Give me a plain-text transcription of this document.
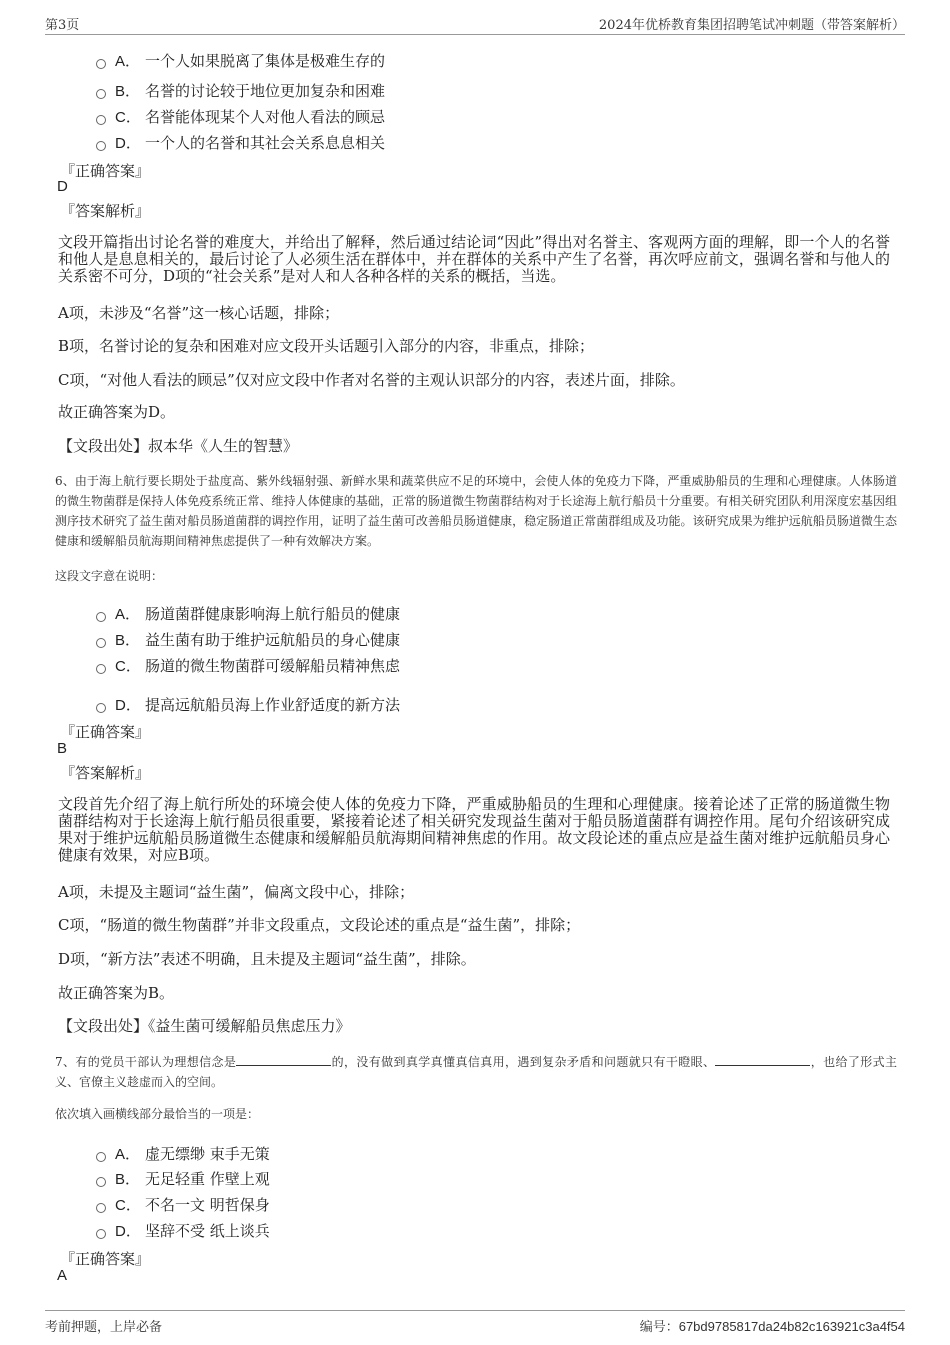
第3页	2024年优桥教育集团招聘笔试冲刺题（带答案解析）
A． 一个人如果脱离了集体是极难生存的
B． 名誉的讨论较于地位更加复杂和困难
C． 名誉能体现某个人对他人看法的顾忌
D． 一个人的名誉和其社会关系息息相关
『正确答案』
D
『答案解析』
文段开篇指出讨论名誉的难度大，并给出了解释，然后通过结论词“因此”得出对名誉主、客观两方面的理解，即一个人的名誉和他人是息息相关的，最后讨论了人必须生活在群体中，并在群体的关系中产生了名誉，再次呼应前文，强调名誉和与他人的关系密不可分，D项的“社会关系”是对人和人各种各样的关系的概括，当选。
A项，未涉及“名誉”这一核心话题，排除；
B项，名誉讨论的复杂和困难对应文段开头话题引入部分的内容，非重点，排除；
C项，“对他人看法的顾忌”仅对应文段中作者对名誉的主观认识部分的内容，表述片面，排除。
故正确答案为D。
【文段出处】叔本华《人生的智慧》
6、由于海上航行要长期处于盐度高、紫外线辐射强、新鲜水果和蔬菜供应不足的环境中，会使人体的免疫力下降，严重威胁船员的生理和心理健康。人体肠道的微生物菌群是保持人体免疫系统正常、维持人体健康的基础，正常的肠道微生物菌群结构对于长途海上航行船员十分重要。有相关研究团队利用深度宏基因组测序技术研究了益生菌对船员肠道菌群的调控作用，证明了益生菌可改善船员肠道健康，稳定肠道正常菌群组成及功能。该研究成果为维护远航船员肠道微生态健康和缓解船员航海期间精神焦虑提供了一种有效解决方案。
这段文字意在说明：
A． 肠道菌群健康影响海上航行船员的健康
B． 益生菌有助于维护远航船员的身心健康
C． 肠道的微生物菌群可缓解船员精神焦虑
D． 提高远航船员海上作业舒适度的新方法
『正确答案』
B
『答案解析』
文段首先介绍了海上航行所处的环境会使人体的免疫力下降，严重威胁船员的生理和心理健康。接着论述了正常的肠道微生物菌群结构对于长途海上航行船员很重要，紧接着论述了相关研究发现益生菌对于船员肠道菌群有调控作用。尾句介绍该研究成果对于维护远航船员肠道微生态健康和缓解船员航海期间精神焦虑的作用。故文段论述的重点应是益生菌对维护远航船员身心健康有效果，对应B项。
A项，未提及主题词“益生菌”，偏离文段中心，排除；
C项，“肠道的微生物菌群”并非文段重点，文段论述的重点是“益生菌”，排除；
D项，“新方法”表述不明确，且未提及主题词“益生菌”，排除。
故正确答案为B。
【文段出处】《益生菌可缓解船员焦虑压力》
7、有的党员干部认为理想信念是	的，没有做到真学真懂真信真用，遇到复杂矛盾和问题就只有干瞪眼、	，也给了形式主义、官僚主义趁虚而入的空间。
依次填入画横线部分最恰当的一项是：
A． 虚无缥缈 束手无策
B． 无足轻重 作壁上观
C． 不名一文 明哲保身
D． 坚辞不受 纸上谈兵
『正确答案』
A
考前押题，上岸必备	编号：67bd9785817da24b82c163921c3a4f54
